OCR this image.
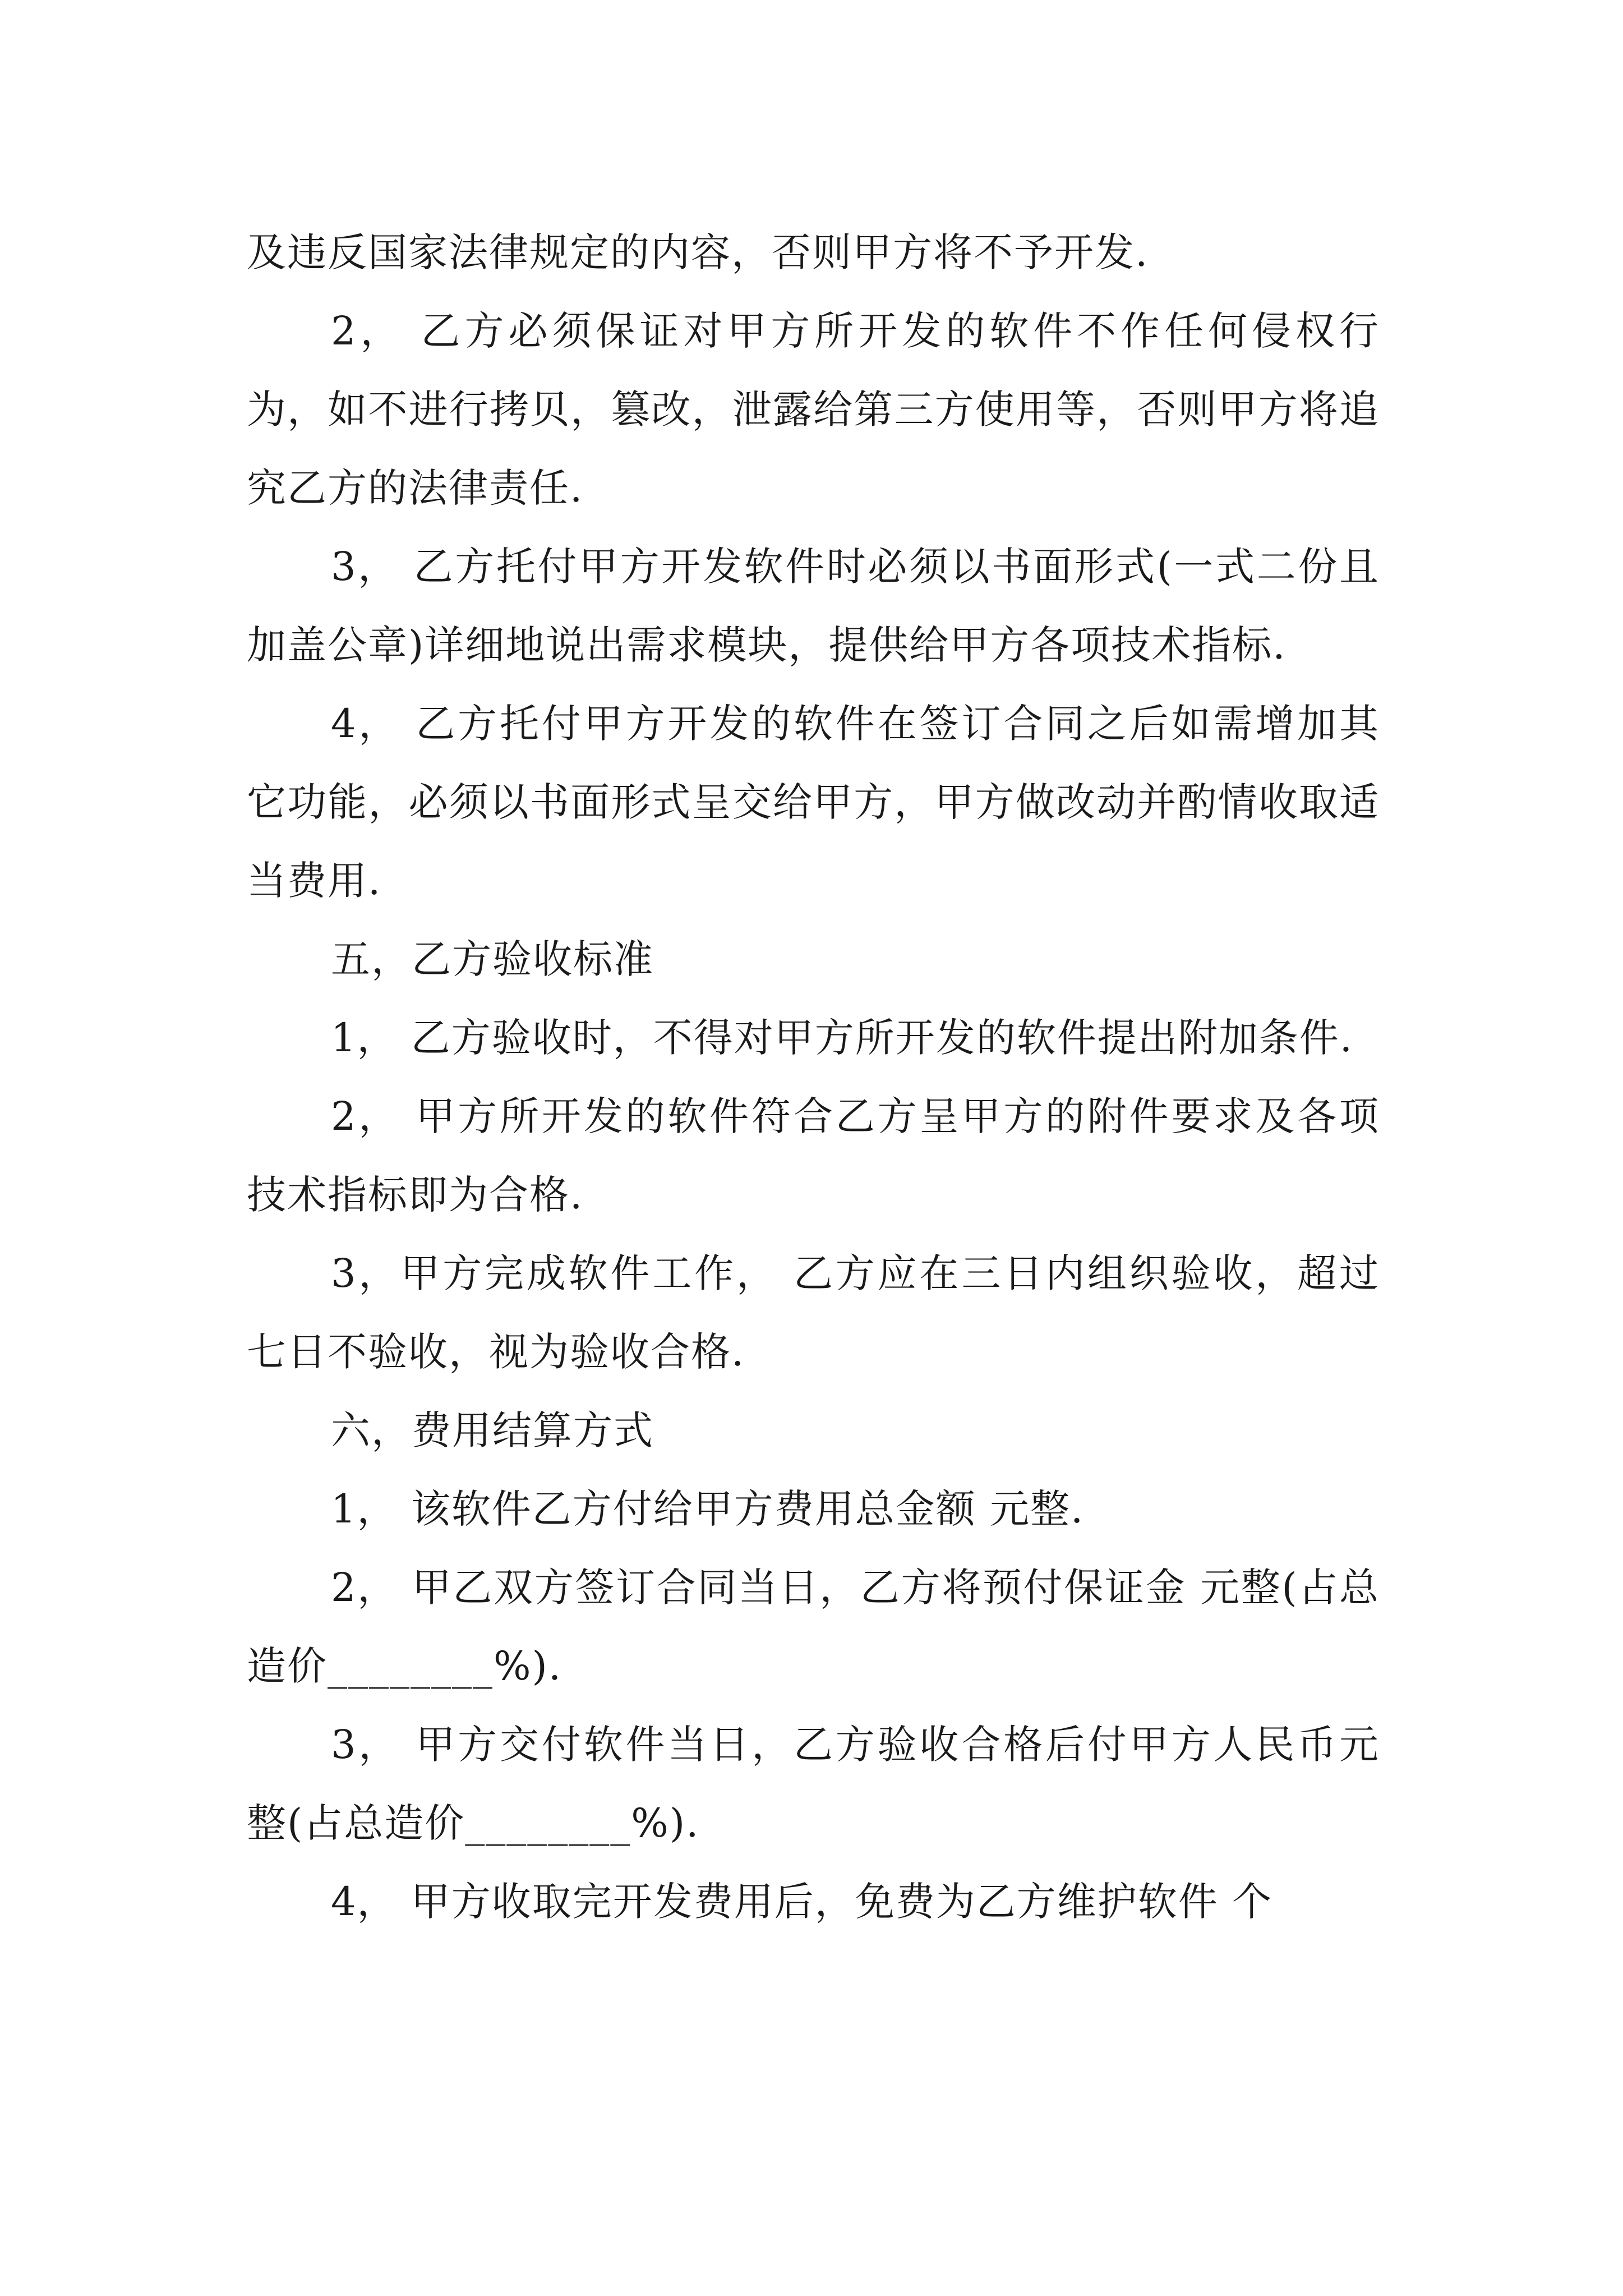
及违反国家法律规定的内容，否则甲方将不予开发.

2， 乙方必须保证对甲方所开发的软件不作任何侵权行为，如不进行拷贝，篡改，泄露给第三方使用等，否则甲方将追究乙方的法律责任.

3， 乙方托付甲方开发软件时必须以书面形式(一式二份且加盖公章)详细地说出需求模块，提供给甲方各项技术指标.

4， 乙方托付甲方开发的软件在签订合同之后如需增加其它功能，必须以书面形式呈交给甲方，甲方做改动并酌情收取适当费用.

五，乙方验收标准

1， 乙方验收时，不得对甲方所开发的软件提出附加条件.

2， 甲方所开发的软件符合乙方呈甲方的附件要求及各项技术指标即为合格.

3，甲方完成软件工作， 乙方应在三日内组织验收，超过七日不验收，视为验收合格.

六，费用结算方式

1， 该软件乙方付给甲方费用总金额 元整.

2， 甲乙双方签订合同当日，乙方将预付保证金 元整(占总造价________%).

3， 甲方交付软件当日，乙方验收合格后付甲方人民币元整(占总造价________%).

4， 甲方收取完开发费用后，免费为乙方维护软件 个
